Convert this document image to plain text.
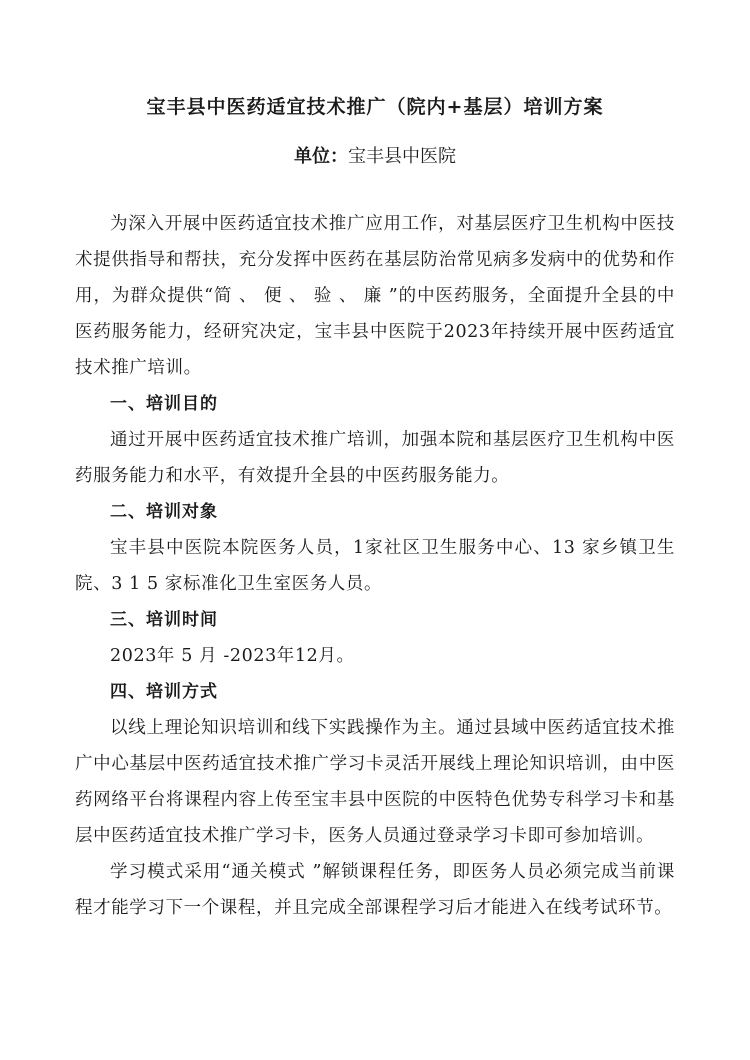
宝丰县中医药适宜技术推广（院内+基层）培训方案
单位：宝丰县中医院

为深入开展中医药适宜技术推广应用工作，对基层医疗卫生机构中医技术提供指导和帮扶，充分发挥中医药在基层防治常见病多发病中的优势和作用，为群众提供“简 、 便 、 验 、 廉 ”的中医药服务，全面提升全县的中医药服务能力，经研究决定，宝丰县中医院于2023年持续开展中医药适宜技术推广培训。

一、培训目的

通过开展中医药适宜技术推广培训，加强本院和基层医疗卫生机构中医药服务能力和水平，有效提升全县的中医药服务能力。

二、培训对象

宝丰县中医院本院医务人员，1家社区卫生服务中心、13 家乡镇卫生院、3 1 5 家标准化卫生室医务人员。

三、培训时间

2023年 5 月 -2023年12月。

四、培训方式

以线上理论知识培训和线下实践操作为主。通过县域中医药适宜技术推广中心基层中医药适宜技术推广学习卡灵活开展线上理论知识培训，由中医药网络平台将课程内容上传至宝丰县中医院的中医特色优势专科学习卡和基层中医药适宜技术推广学习卡，医务人员通过登录学习卡即可参加培训。

学习模式采用“通关模式 ”解锁课程任务，即医务人员必须完成当前课程才能学习下一个课程，并且完成全部课程学习后才能进入在线考试环节。
